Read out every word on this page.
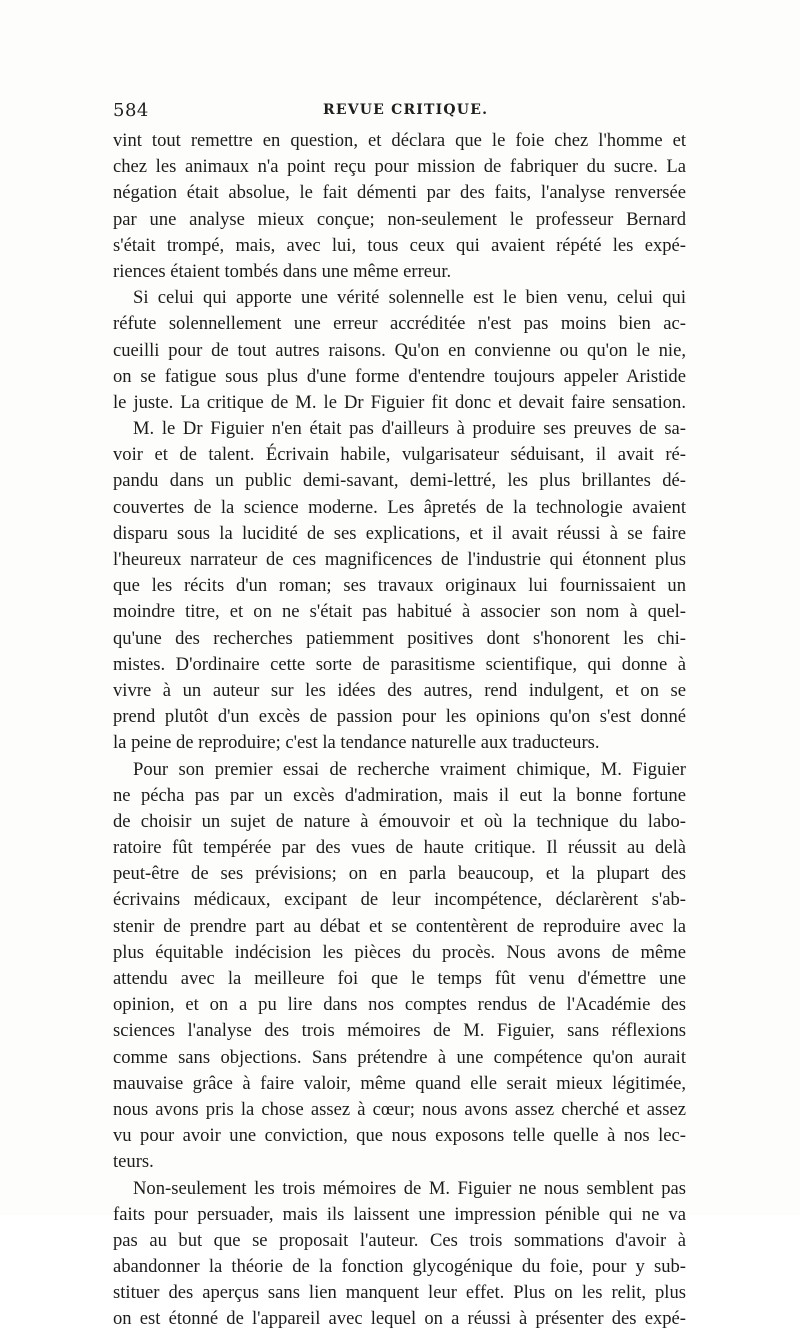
584	REVUE CRITIQUE.
vint tout remettre en question, et déclara que le foie chez l'homme et
chez les animaux n'a point reçu pour mission de fabriquer du sucre. La
négation était absolue, le fait démenti par des faits, l'analyse renversée
par une analyse mieux conçue; non-seulement le professeur Bernard
s'était trompé, mais, avec lui, tous ceux qui avaient répété les expé-
riences étaient tombés dans une même erreur.
Si celui qui apporte une vérité solennelle est le bien venu, celui qui
réfute solennellement une erreur accréditée n'est pas moins bien ac-
cueilli pour de tout autres raisons. Qu'on en convienne ou qu'on le nie,
on se fatigue sous plus d'une forme d'entendre toujours appeler Aristide
le juste. La critique de M. le Dr Figuier fit donc et devait faire sensation.
M. le Dr Figuier n'en était pas d'ailleurs à produire ses preuves de sa-
voir et de talent. Écrivain habile, vulgarisateur séduisant, il avait ré-
pandu dans un public demi-savant, demi-lettré, les plus brillantes dé-
couvertes de la science moderne. Les âpretés de la technologie avaient
disparu sous la lucidité de ses explications, et il avait réussi à se faire
l'heureux narrateur de ces magnificences de l'industrie qui étonnent plus
que les récits d'un roman; ses travaux originaux lui fournissaient un
moindre titre, et on ne s'était pas habitué à associer son nom à quel-
qu'une des recherches patiemment positives dont s'honorent les chi-
mistes. D'ordinaire cette sorte de parasitisme scientifique, qui donne à
vivre à un auteur sur les idées des autres, rend indulgent, et on se
prend plutôt d'un excès de passion pour les opinions qu'on s'est donné
la peine de reproduire; c'est la tendance naturelle aux traducteurs.
Pour son premier essai de recherche vraiment chimique, M. Figuier
ne pécha pas par un excès d'admiration, mais il eut la bonne fortune
de choisir un sujet de nature à émouvoir et où la technique du labo-
ratoire fût tempérée par des vues de haute critique. Il réussit au delà
peut-être de ses prévisions; on en parla beaucoup, et la plupart des
écrivains médicaux, excipant de leur incompétence, déclarèrent s'ab-
stenir de prendre part au débat et se contentèrent de reproduire avec la
plus équitable indécision les pièces du procès. Nous avons de même
attendu avec la meilleure foi que le temps fût venu d'émettre une
opinion, et on a pu lire dans nos comptes rendus de l'Académie des
sciences l'analyse des trois mémoires de M. Figuier, sans réflexions
comme sans objections. Sans prétendre à une compétence qu'on aurait
mauvaise grâce à faire valoir, même quand elle serait mieux légitimée,
nous avons pris la chose assez à cœur; nous avons assez cherché et assez
vu pour avoir une conviction, que nous exposons telle quelle à nos lec-
teurs.
Non-seulement les trois mémoires de M. Figuier ne nous semblent pas
faits pour persuader, mais ils laissent une impression pénible qui ne va
pas au but que se proposait l'auteur. Ces trois sommations d'avoir à
abandonner la théorie de la fonction glycogénique du foie, pour y sub-
stituer des aperçus sans lien manquent leur effet. Plus on les relit, plus
on est étonné de l'appareil avec lequel on a réussi à présenter des expé-
